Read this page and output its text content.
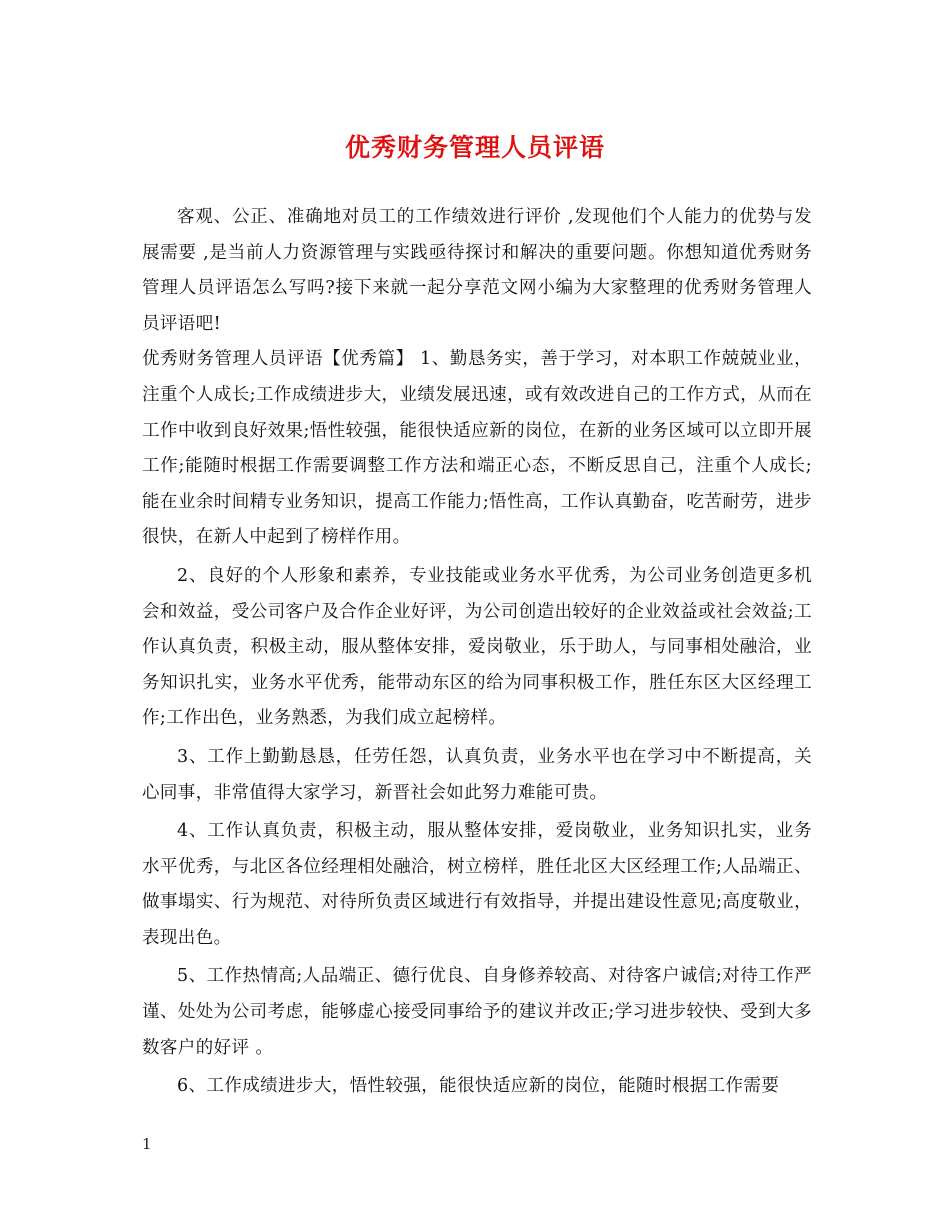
优秀财务管理人员评语

客观、公正、准确地对员工的工作绩效进行评价 ,发现他们个人能力的优势与发展需要 ,是当前人力资源管理与实践亟待探讨和解决的重要问题。你想知道优秀财务管理人员评语怎么写吗?接下来就一起分享范文网小编为大家整理的优秀财务管理人员评语吧!

优秀财务管理人员评语【优秀篇】 1、勤恳务实，善于学习，对本职工作兢兢业业，注重个人成长;工作成绩进步大，业绩发展迅速，或有效改进自己的工作方式，从而在工作中收到良好效果;悟性较强，能很快适应新的岗位，在新的业务区域可以立即开展工作;能随时根据工作需要调整工作方法和端正心态，不断反思自己，注重个人成长;能在业余时间精专业务知识，提高工作能力;悟性高，工作认真勤奋，吃苦耐劳，进步很快，在新人中起到了榜样作用。

2、良好的个人形象和素养，专业技能或业务水平优秀，为公司业务创造更多机会和效益，受公司客户及合作企业好评，为公司创造出较好的企业效益或社会效益;工作认真负责，积极主动，服从整体安排，爱岗敬业，乐于助人，与同事相处融洽，业务知识扎实，业务水平优秀，能带动东区的给为同事积极工作，胜任东区大区经理工作;工作出色，业务熟悉，为我们成立起榜样。

3、工作上勤勤恳恳，任劳任怨，认真负责，业务水平也在学习中不断提高，关心同事，非常值得大家学习，新晋社会如此努力难能可贵。

4、工作认真负责，积极主动，服从整体安排，爱岗敬业，业务知识扎实，业务水平优秀，与北区各位经理相处融洽，树立榜样，胜任北区大区经理工作;人品端正、做事塌实、行为规范、对待所负责区域进行有效指导，并提出建设性意见;高度敬业，表现出色。

5、工作热情高;人品端正、德行优良、自身修养较高、对待客户诚信;对待工作严谨、处处为公司考虑，能够虚心接受同事给予的建议并改正;学习进步较快、受到大多数客户的好评 。

6、工作成绩进步大，悟性较强，能很快适应新的岗位，能随时根据工作需要

1
